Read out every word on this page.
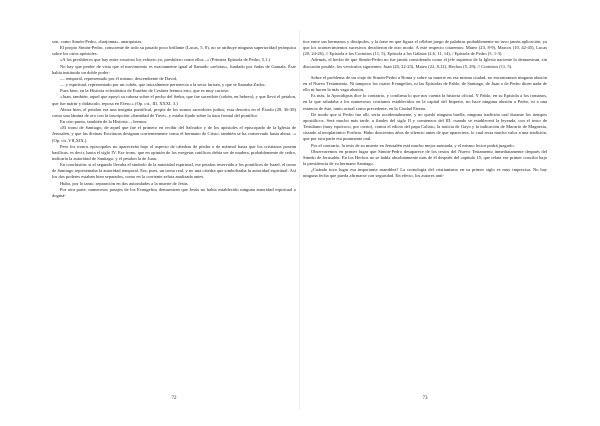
son, como Simón-Pedro, «barjonna», anarquistas.

El propio Simón-Pedro, consciente de todo su pasado poco brillante (Lucas, 5, 8), no se atribuye ninguna superioridad jerárquica sobre los otros apóstoles:

«A los presbíteros que hay entre vosotros los exhorto yo, presbítero como ellos...» (Primera Epístola de Pedro, 5,1.)

No hay que perder de vista que el movimiento es exactamente igual al llamado «zelotas», fundado por Judas de Gamala. Éste había instituido un doble poder:

— temporal, representado por él mismo, descendiente de David,

— y espiritual, representado por un cohén, que inicialmente pertenecía a la secta farisea, y que se llamaba Zadoc.

Pues bien, en la Historia eclesiástica de Eusebio de Cesárea leemos esto, que es muy curioso:

«Juan, también, aquel que apoyó su cabeza sobre el pecho del Señor, que fue sacerdote (cohén, en hebreo), y que llevó el petalon, que fue mártir y didáscalo, reposa en Efeso.» (Op. cit., III, XXXI, 3.)

Ahora bien, el petalon era una insignia pontifical, propia de los sumos sacerdotes judíos; esta descrito en el Éxodo (28, 36-38) como una lámina de oro con la inscripción «Santidad de Yavé», y estaba fijado sobre la tiara frontal del pontífice.

En otro punto, también de la Historia..., leemos:

«El trono de Santiago, de aquel que fue el primero en recibir del Salvador y de los apóstoles el episcopado de la Iglesia de Jerusalén, y que las divinas Escrituras designan corrientemente como el hermano de Cristo, también se ha conservado hasta ahora...» (Op. cit.,VII,XIX.)

Pero los tronos episcopales no aparecerán bajo el aspecto de cátedras de piedra o de mármol hasta que los cristianos posean basílicas, es decir, hasta el siglo IV. Ese trono, que en opinión de los exegetas católicos debía ser de madera, probablemente de cedro, indicaría la autoridad de Santiago, y el petalon la de Juan.

En conclusión: si el segundo llevaba el símbolo de la autoridad espiritual, ese petalon reservado a los pontífices de Israel, el trono de Santiago representaba la autoridad temporal. Era, pues, un trono real, y no una cátedra que simbolizaba la autoridad espiritual. Así los dos poderes estaban bien separados, como en la corriente zelota analizada antes.

Hubo, por lo tanto, separación en dos autoridades a la muerte de Jesús.

Por otra parte, numerosos pasajes de los Evangelios demuestran que Jesús no había establecido ninguna autoridad espiritual o dogmá-

72

tica entre sus hermanos y discípulos, y la frase en que figura el célebre juego de palabras probablemente no tuvo jamás aplicación, ya que los acontecimientos sucesivos decidieron de otro modo. A este respecto citaremos: Mateo (23, 8-9), Marcos (10, 42-45), Lucas (20, 24-26), // Epístola a los Corintios (11, 5), Epístola a los Gálatas (2,6, 11, 14), / Epístola de Pedro (5, 1-3).

Además, el hecho de que Simón-Pedro no fue jamás considerado como el jefe supremo de la Iglesia naciente lo demuestran, sin discusión posible, los versículos siguientes: Juan (20, 22-23), Mateo (22, 8,12), Hechos (5, 29), // Corintios (11, 5).

Sobre el problema de un viaje de Simón-Pedro a Roma y sobre su muerte en esa misma ciudad, no encontramos ninguna alusión en el Nuevo Testamento. Ni tampoco los cuatro Evangelios, ni las Epístolas de Pablo, de Santiago, de Juan o de Pedro dicen nada de ello ni hacen la más vaga alusión.

Es más, la Apocalipsis dice lo contrario, y confirma lo que nos cuenta la historia oficial. Y Pablo, en su Epístola a los romanos, en la que saludaba a los numerosos cristianos establecidos en la capital del Imperio, no hace ninguna alusión a Pedro, ni a una estancia de éste, tanto actual como precedente, en la Ciudad Eterna.

De modo que si Pedro fue allí, sería accidentalmente, y no quedó ninguna huella, ninguna tradición oral durante los tiempos apostólicos. Será mucho más tarde, a finales del siglo II y comienzos del III, cuando se establecerá la leyenda, con el texto de Tertuliano (muy equívoco, por cierto), contra el edicto del papa Calixto, la noticia de Gayo y la indicación de Macario de Magnesia, citando al neoplatónico Porfirio. Hubo doscientos años de silencio antes de que apareciera, lo cual resta mucho valor a una tradición, que por otra parte era puramente oral.

Por el contrario, la tesis de su muerte en Jerusalén está mucho mejor asentada, y el mismo lector podrá juzgarlo.

Observaremos en primer lugar que Simón-Pedro desaparece de los textos del Nuevo Testamento inmediatamente después del Sinedo de Jerusalén. En los Hechos no se habla absolutamente más de él después del capítulo 15, que relata ese primer concilio bajo la presidencia de su hermano Santiago.

¿Cuándo tuvo lugar esa importante asamblea? La cronología del cristianismo en su primer siglo es muy imprecisa. No hay ninguna fecha que pueda afirmarse con seguridad. En efecto, los autores anti-

73
